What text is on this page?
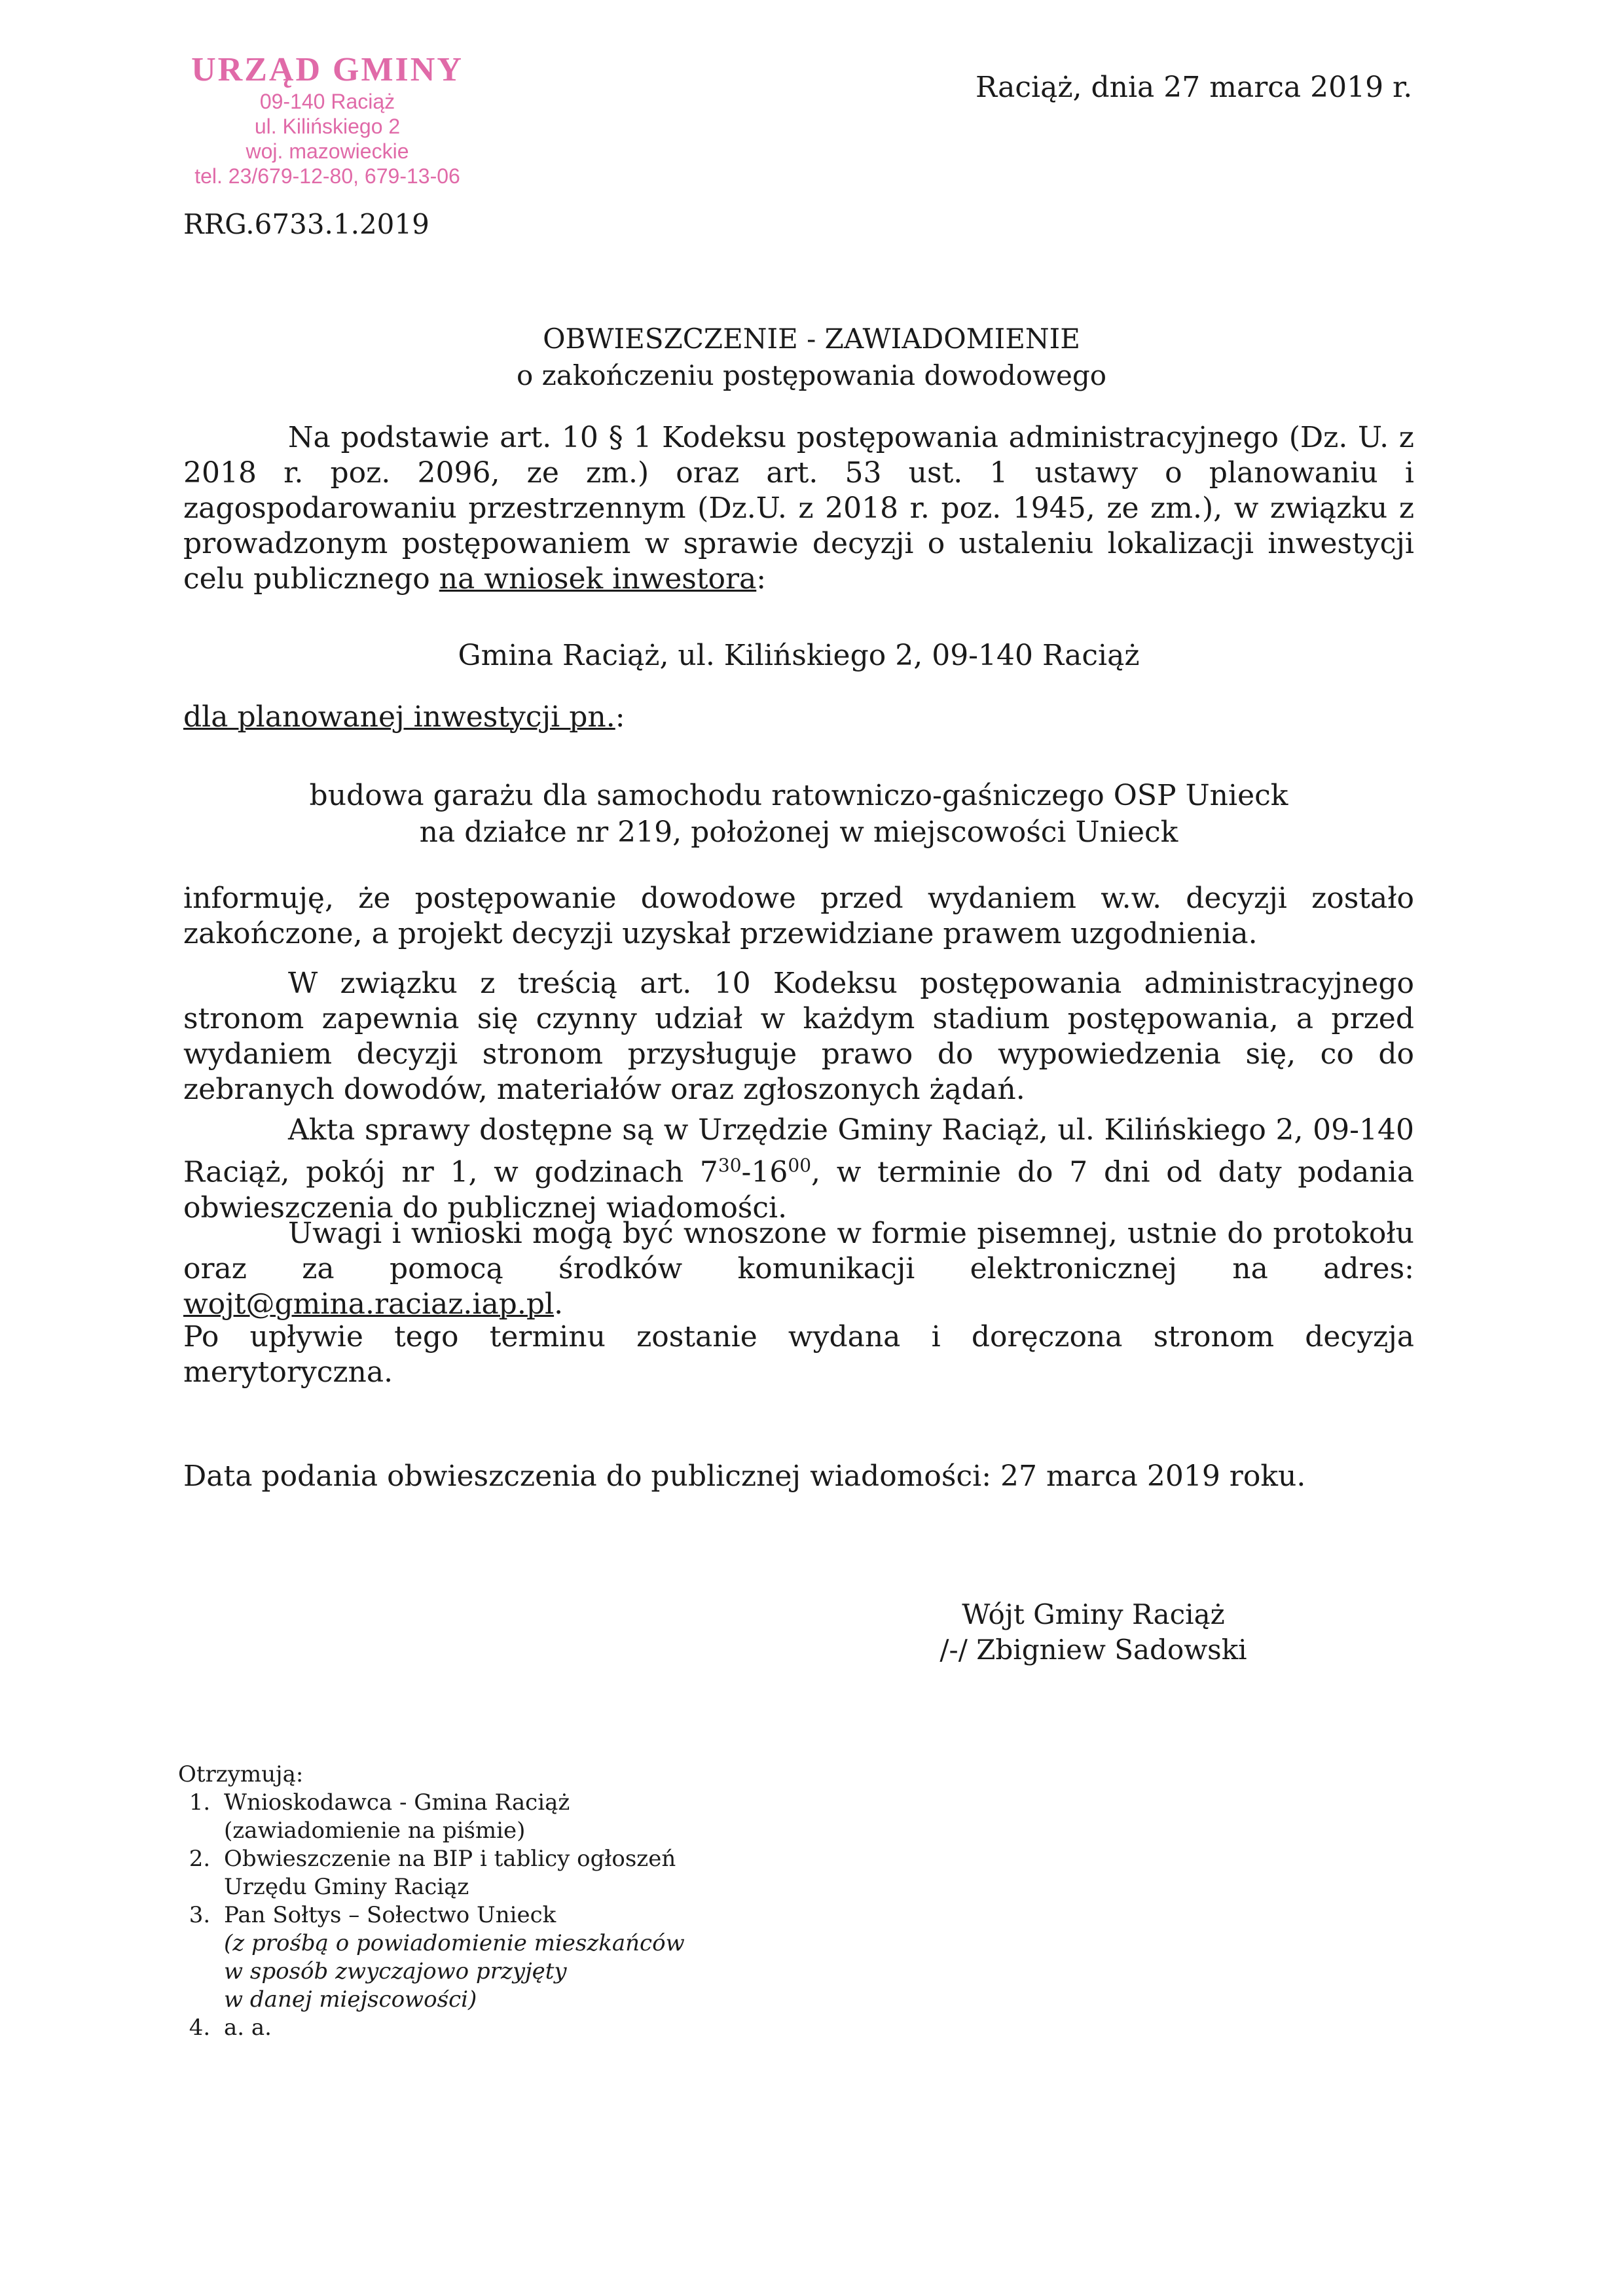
URZĄD GMINY
09-140 Raciąż
ul. Kilińskiego 2
woj. mazowieckie
tel. 23/679-12-80, 679-13-06
Raciąż, dnia 27 marca 2019 r.
RRG.6733.1.2019
OBWIESZCZENIE - ZAWIADOMIENIE
o zakończeniu postępowania dowodowego
Na podstawie art. 10 § 1 Kodeksu postępowania administracyjnego (Dz. U. z 2018 r. poz. 2096, ze zm.) oraz art. 53 ust. 1 ustawy o planowaniu i zagospodarowaniu przestrzennym (Dz.U. z 2018 r. poz. 1945, ze zm.), w związku z prowadzonym postępowaniem w sprawie decyzji o ustaleniu lokalizacji inwestycji celu publicznego na wniosek inwestora:
Gmina Raciąż, ul. Kilińskiego 2, 09-140 Raciąż
dla planowanej inwestycji pn.:
budowa garażu dla samochodu ratowniczo-gaśniczego OSP Unieck
na działce nr 219, położonej w miejscowości Unieck
informuję, że postępowanie dowodowe przed wydaniem w.w. decyzji zostało zakończone, a projekt decyzji uzyskał przewidziane prawem uzgodnienia.
W związku z treścią art. 10 Kodeksu postępowania administracyjnego stronom zapewnia się czynny udział w każdym stadium postępowania, a przed wydaniem decyzji stronom przysługuje prawo do wypowiedzenia się, co do zebranych dowodów, materiałów oraz zgłoszonych żądań.
Akta sprawy dostępne są w Urzędzie Gminy Raciąż, ul. Kilińskiego 2, 09-140 Raciąż, pokój nr 1, w godzinach $7^{30}-16^{00}$, w terminie do 7 dni od daty podania obwieszczenia do publicznej wiadomości.
Uwagi i wnioski mogą być wnoszone w formie pisemnej, ustnie do protokołu oraz za pomocą środków komunikacji elektronicznej na adres: wojt@gmina.raciaz.iap.pl.
Po upływie tego terminu zostanie wydana i doręczona stronom decyzja merytoryczna.
Data podania obwieszczenia do publicznej wiadomości: 27 marca 2019 roku.
Wójt Gminy Raciąż
/-/ Zbigniew Sadowski
Otrzymują:
1. Wnioskodawca - Gmina Raciąż
(zawiadomienie na piśmie)
2. Obwieszczenie na BIP i tablicy ogłoszeń
Urzędu Gminy Raciąz
3. Pan Sołtys – Sołectwo Unieck
(z prośbą o powiadomienie mieszkańców
w sposób zwyczajowo przyjęty
w danej miejscowości)
4. a. a.
